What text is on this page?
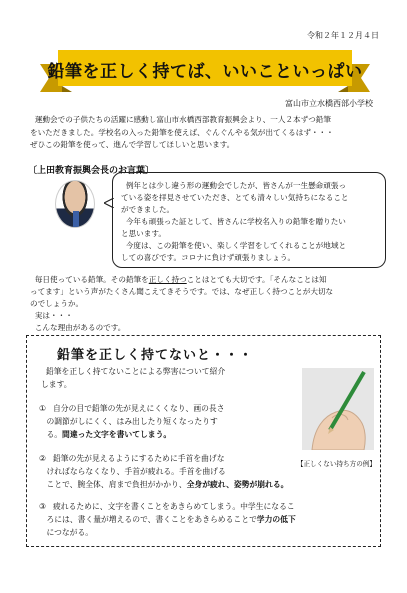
令和２年１２月４日
鉛筆を正しく持てば、いいこといっぱい
富山市立水橋西部小学校
運動会での子供たちの活躍に感動し富山市水橋西部教育振興会より、一人２本ずつ鉛筆
をいただきました。学校名の入った鉛筆を使えば、ぐんぐんやる気が出てくるはず・・・
ぜひこの鉛筆を使って、進んで学習してほしいと思います。
〔上田教育振興会長のお言葉〕
例年とは少し違う形の運動会でしたが、皆さんが一生懸命頑張っ
ている姿を拝見させていただき、とても清々しい気持ちになること
ができました。
今年も頑張った証として、皆さんに学校名入りの鉛筆を贈りたい
と思います。
今度は、この鉛筆を使い、楽しく学習をしてくれることが地域と
しての喜びです。コロナに負けず頑張りましょう。
毎日使っている鉛筆。その鉛筆を正しく持つことはとても大切です。「そんなことは知
ってます」という声がたくさん聞こえてきそうです。では、なぜ正しく持つことが大切な
のでしょうか。
実は・・・
こんな理由があるのです。
鉛筆を正しく持てないと・・・
鉛筆を正しく持てないことによる弊害について紹介
します。
【正しくない持ち方の例】
① 自分の目で鉛筆の先が見えにくくなり、画の長さ
の調節がしにくく、はみ出したり短くなったりす
る。間違った文字を書いてしまう。
② 鉛筆の先が見えるようにするために手首を曲げな
ければならなくなり、手首が疲れる。手首を曲げる
ことで、腕全体、肩まで負担がかかり、全身が疲れ、姿勢が崩れる。
③ 疲れるために、文字を書くことをあきらめてしまう。中学生になるこ
ろには、書く量が増えるので、書くことをあきらめることで学力の低下
につながる。
